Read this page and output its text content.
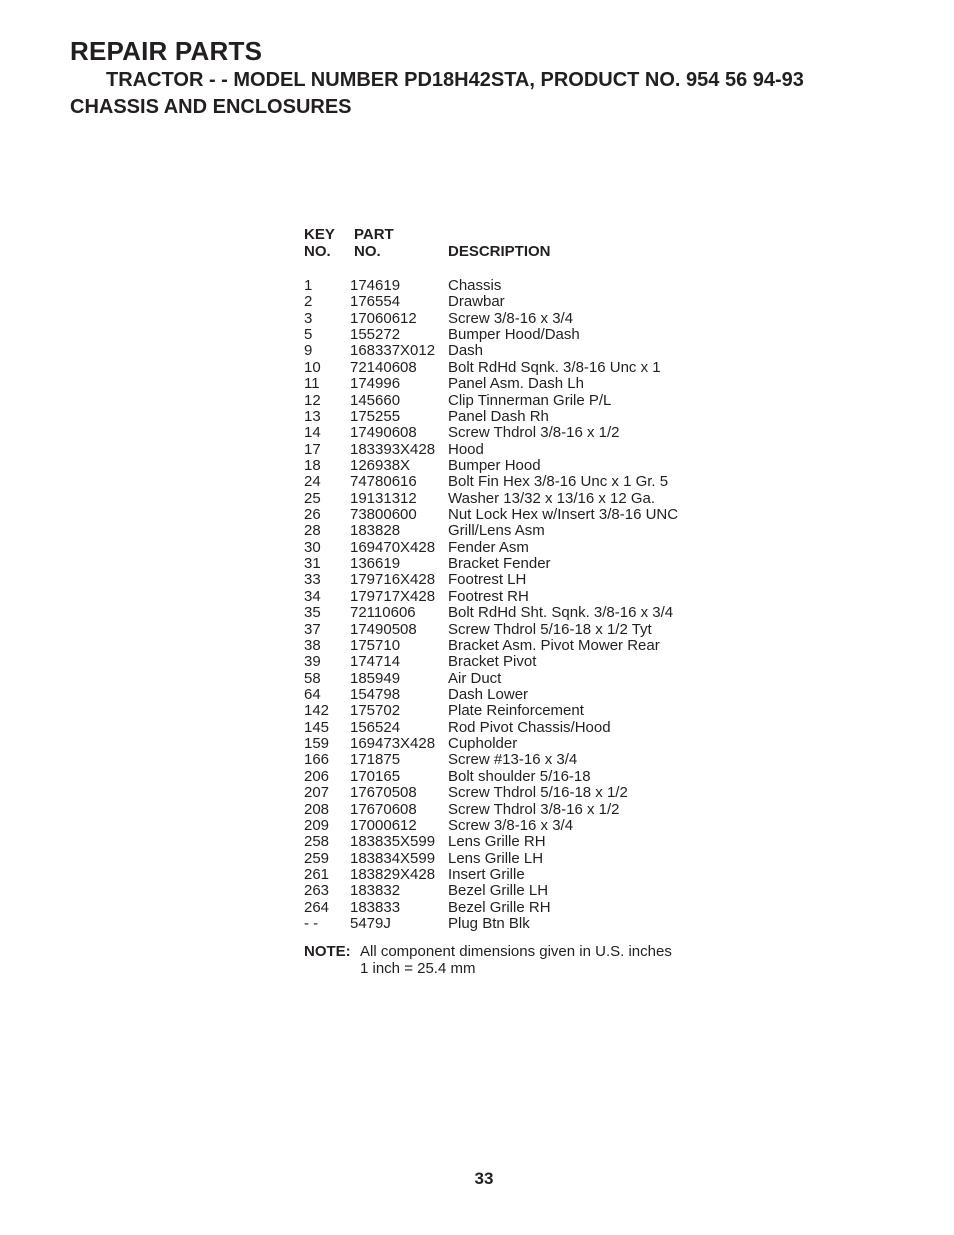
REPAIR PARTS
TRACTOR - - MODEL NUMBER PD18H42STA, PRODUCT NO. 954 56 94-93
CHASSIS AND ENCLOSURES
KEY
NO.
PART
NO.	DESCRIPTION
1	174619	Chassis
2	176554	Drawbar
3	17060612 Screw 3/8-16 x 3/4
5	155272	Bumper Hood/Dash
9	168337X012 Dash
10 72140608 Bolt RdHd Sqnk. 3/8-16 Unc x 1
11 174996	Panel Asm. Dash Lh
12 145660	Clip Tinnerman Grile P/L
13 175255	Panel Dash Rh
14 17490608 Screw Thdrol 3/8-16 x 1/2
17 183393X428 Hood
18 126938X	Bumper Hood
24 74780616 Bolt Fin Hex 3/8-16 Unc x 1 Gr. 5
25 19131312 Washer 13/32 x 13/16 x 12 Ga.
26 73800600 Nut Lock Hex w/Insert 3/8-16 UNC
28 183828	Grill/Lens Asm
30 169470X428 Fender Asm
31 136619	Bracket Fender
33 179716X428 Footrest LH
34 179717X428 Footrest RH
35 72110606 Bolt RdHd Sht. Sqnk. 3/8-16 x 3/4
37 17490508 Screw Thdrol 5/16-18 x 1/2 Tyt
38 175710	Bracket Asm. Pivot Mower Rear
39 174714	Bracket Pivot
58 185949	Air Duct
64 154798	Dash Lower
142 175702	Plate Reinforcement
145 156524	Rod Pivot Chassis/Hood
159 169473X428 Cupholder
166 171875	Screw #13-16 x 3/4
206 170165	Bolt shoulder 5/16-18
207 17670508 Screw Thdrol 5/16-18 x 1/2
208 17670608 Screw Thdrol 3/8-16 x 1/2
209 17000612 Screw 3/8-16 x 3/4
258 183835X599 Lens Grille RH
259 183834X599 Lens Grille LH
261 183829X428 Insert Grille
263 183832	Bezel Grille LH
264 183833	Bezel Grille RH
- - 5479J	Plug Btn Blk
NOTE: All component dimensions given in U.S. inches
1 inch = 25.4 mm
33
